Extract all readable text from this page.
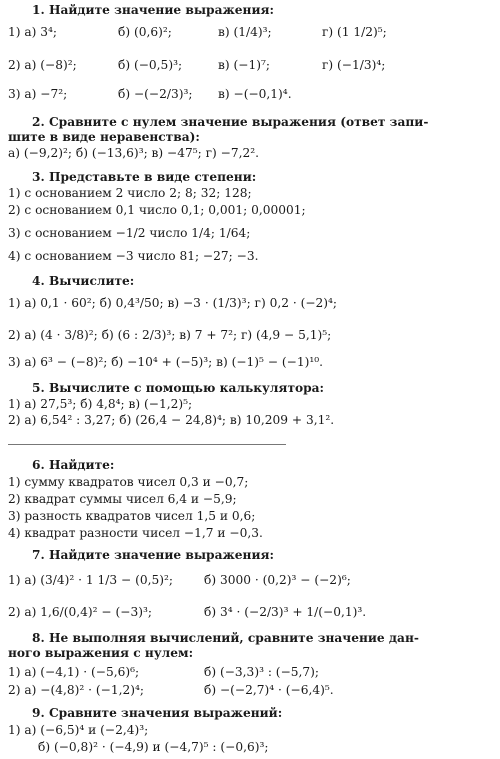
1. Найдите значение выражения:
1) а) 3⁴;	б) (0,6)²;	в) (1/4)³;	г) (1 1/2)⁵;
2) а) (−8)²;	б) (−0,5)³;	в) (−1)⁷;	г) (−1/3)⁴;
3) а) −7²;	б) −(−2/3)³; в) −(−0,1)⁴.
2. Сравните с нулем значение выражения (ответ запи-
шите в виде неравенства):
а) (−9,2)²; б) (−13,6)³; в) −47⁵; г) −7,2².
3. Представьте в виде степени:
1) с основанием 2 число 2; 8; 32; 128;
2) с основанием 0,1 число 0,1; 0,001; 0,00001;
3) с основанием −1/2 число 1/4; 1/64;
4) с основанием −3 число 81; −27; −3.
4. Вычислите:
1) а) 0,1 · 60²; б) 0,4³/50; в) −3 · (1/3)³; г) 0,2 · (−2)⁴;
2) а) (4 · 3/8)²; б) (6 : 2/3)³; в) 7 + 7²; г) (4,9 − 5,1)⁵;
3) а) 6³ − (−8)²; б) −10⁴ + (−5)³; в) (−1)⁵ − (−1)¹⁰.
5. Вычислите с помощью калькулятора:
1) а) 27,5³; б) 4,8⁴; в) (−1,2)⁵;
2) а) 6,54² : 3,27; б) (26,4 − 24,8)⁴; в) 10,209 + 3,1².
6. Найдите:
1) сумму квадратов чисел 0,3 и −0,7;
2) квадрат суммы чисел 6,4 и −5,9;
3) разность квадратов чисел 1,5 и 0,6;
4) квадрат разности чисел −1,7 и −0,3.
7. Найдите значение выражения:
1) а) (3/4)² · 1 1/3 − (0,5)²;	б) 3000 · (0,2)³ − (−2)⁶;
2) а) 1,6/(0,4)² − (−3)³;	б) 3⁴ · (−2/3)³ + 1/(−0,1)³.
8. Не выполняя вычислений, сравните значение дан-
ного выражения с нулем:
1) а) (−4,1) · (−5,6)⁶;	б) (−3,3)³ : (−5,7);
2) а) −(4,8)² · (−1,2)⁴;	б) −(−2,7)⁴ · (−6,4)⁵.
9. Сравните значения выражений:
1) а) (−6,5)⁴ и (−2,4)³;
б) (−0,8)² · (−4,9) и (−4,7)⁵ : (−0,6)³;
